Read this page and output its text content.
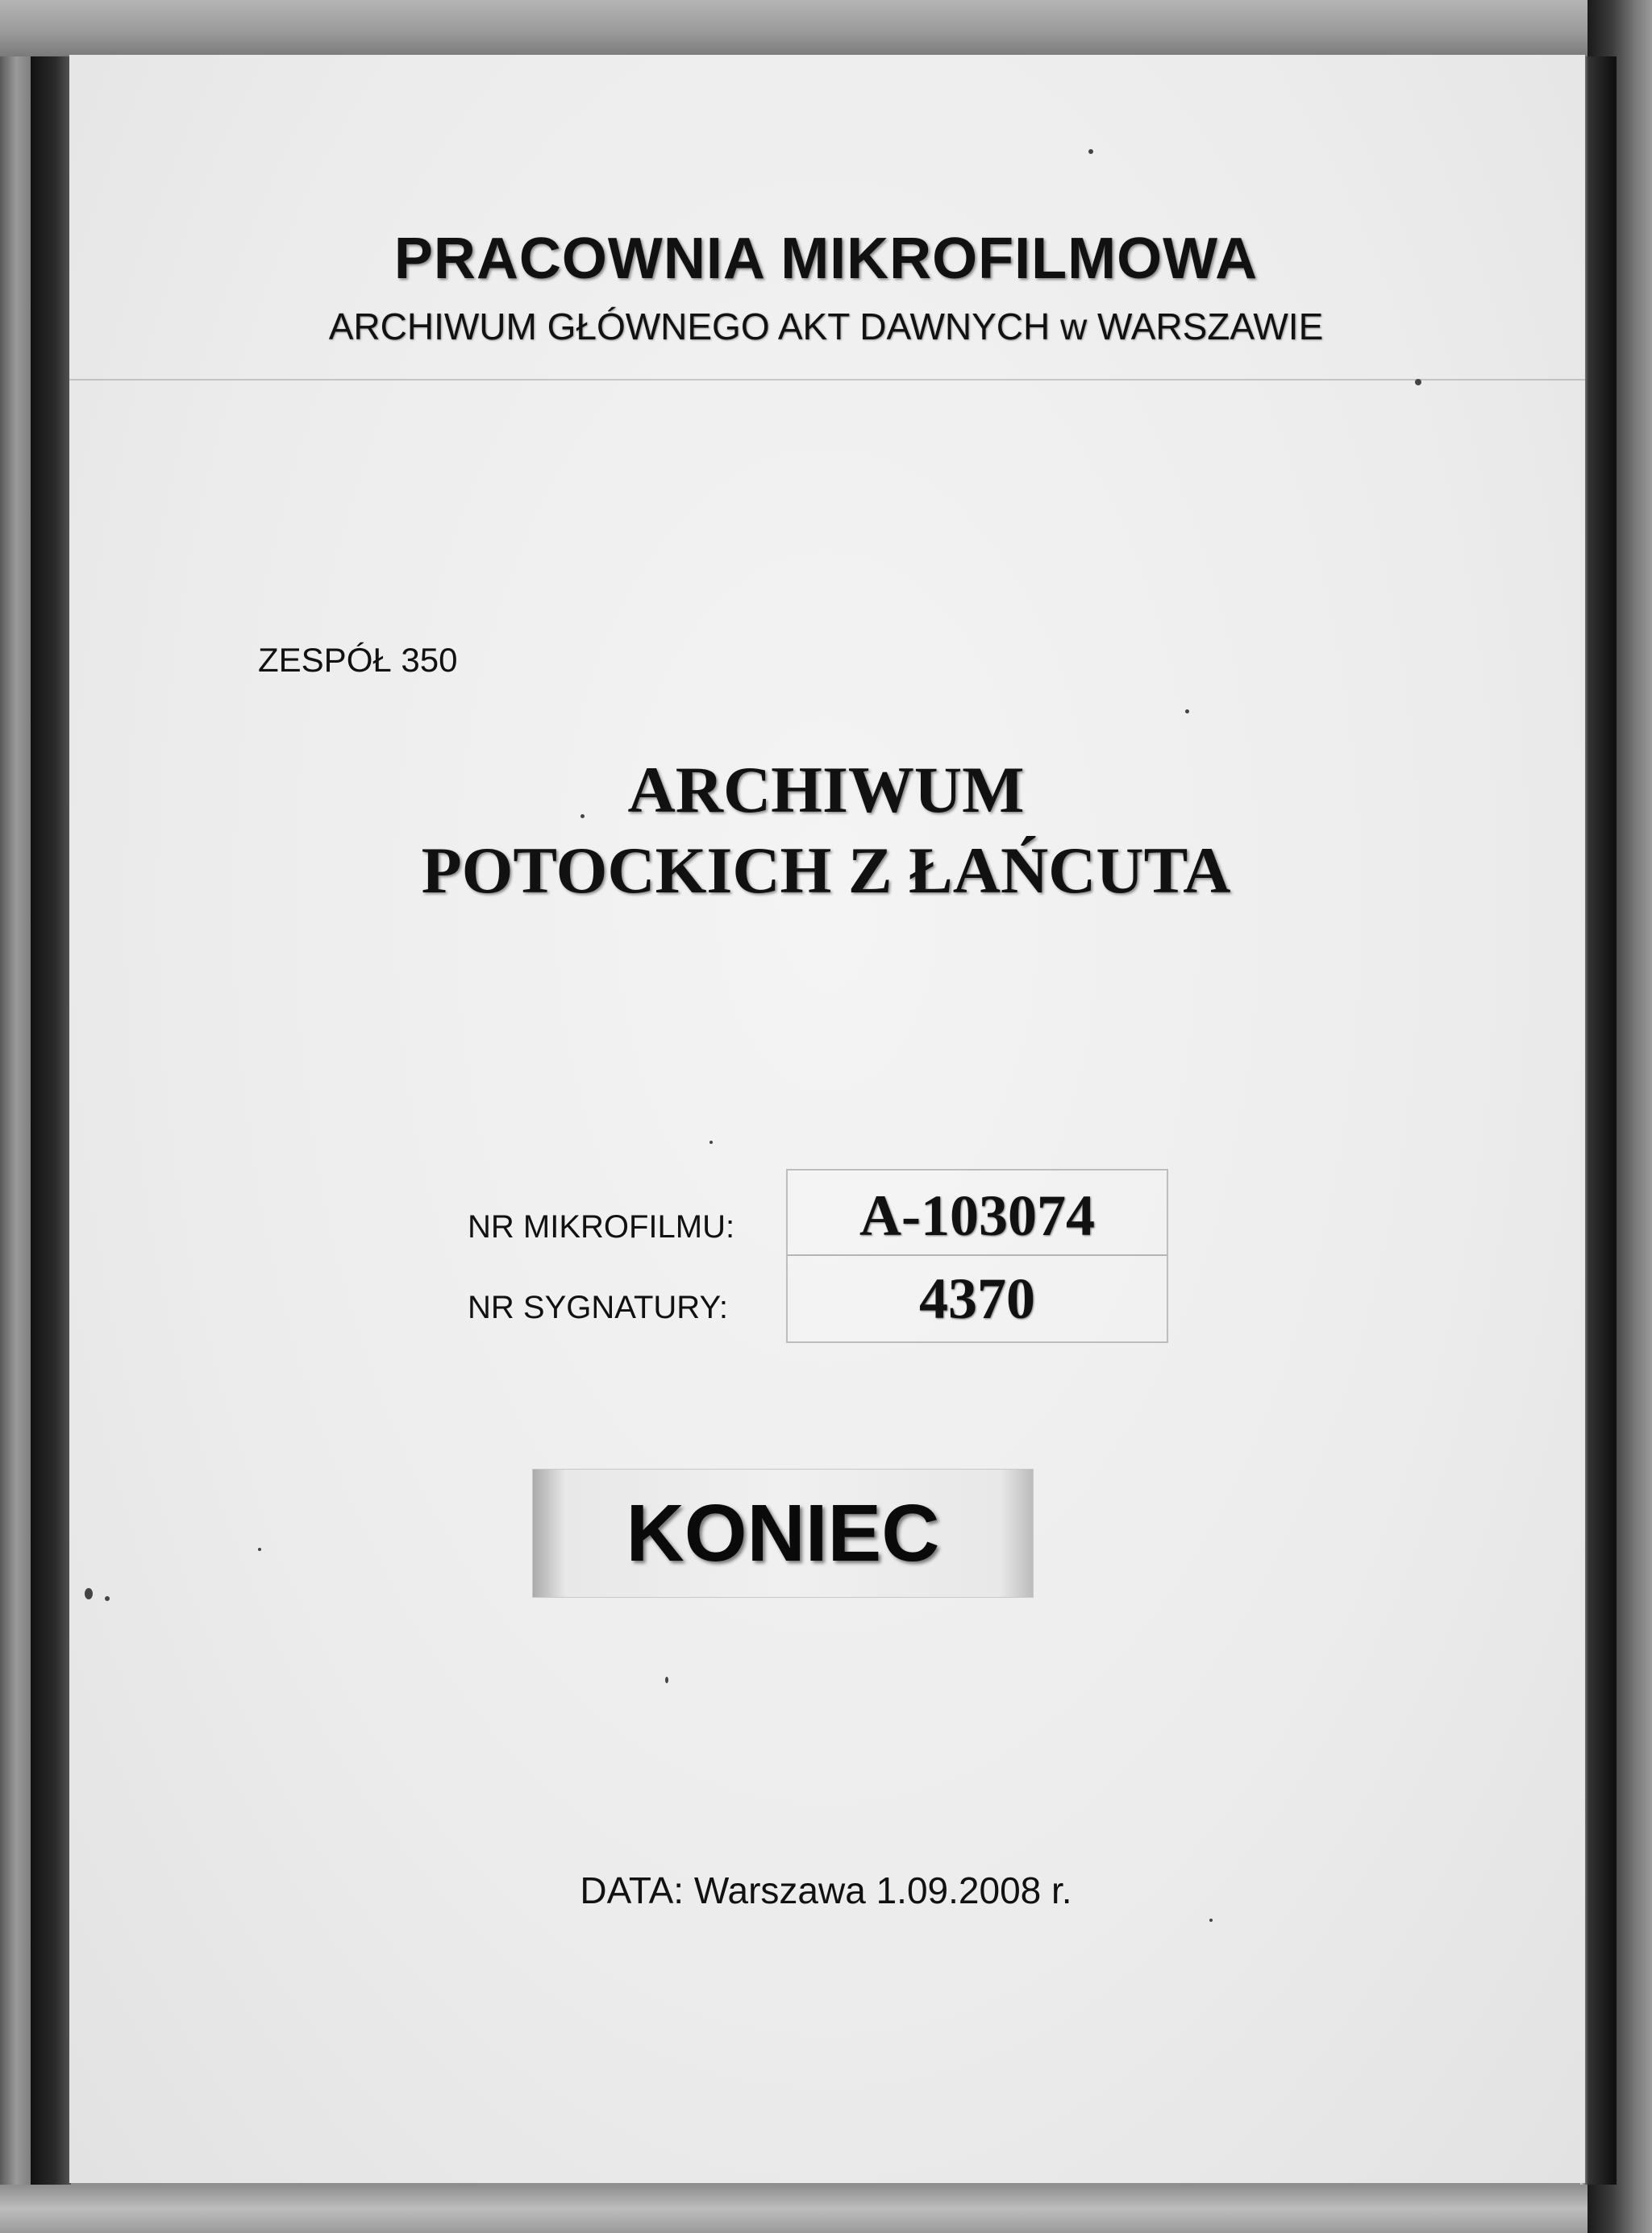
PRACOWNIA MIKROFILMOWA
ARCHIWUM GŁÓWNEGO AKT DAWNYCH w WARSZAWIE
ZESPÓŁ 350
ARCHIWUM POTOCKICH Z ŁAŃCUTA
NR MIKROFILMU:
NR SYGNATURY:
A-103074
4370
KONIEC
DATA: Warszawa 1.09.2008 r.
